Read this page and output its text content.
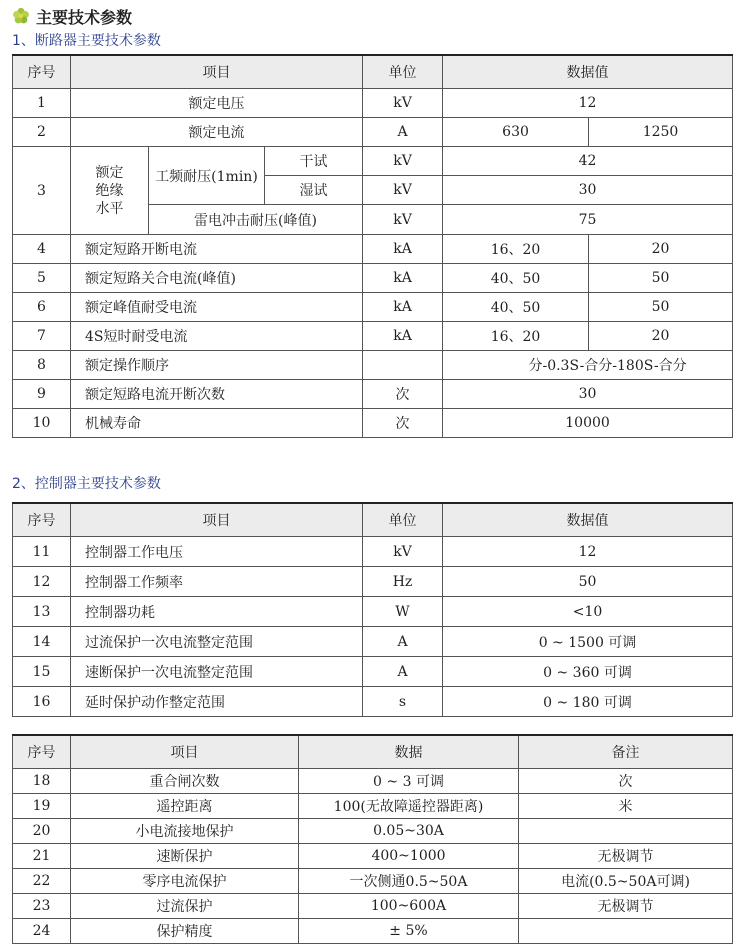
主要技术参数
1、断路器主要技术参数
序号	项目			单位	数据值	
1	额定电压			kV	12	
2	额定电流			A	630	1250
3	额定绝缘水平	工频耐压(1min)	干试	kV	42	
			湿试	kV	30	
		雷电冲击耐压(峰值)		kV	75	
4	额定短路开断电流			kA	16、20	20
5	额定短路关合电流(峰值)			kA	40、50	50
6	额定峰值耐受电流			kA	40、50	50
7	4S短时耐受电流			kA	16、20	20
8	额定操作顺序				分-0.3S-合分-180S-合分	
9	额定短路电流开断次数			次	30	
10	机械寿命			次	10000	
2、控制器主要技术参数
序号	项目	单位	数据值
11	控制器工作电压	kV	12
12	控制器工作频率	Hz	50
13	控制器功耗	W	<10
14	过流保护一次电流整定范围	A	0 ~ 1500 可调
15	速断保护一次电流整定范围	A	0 ~ 360 可调
16	延时保护动作整定范围	s	0 ~ 180 可调
序号	项目	数据	备注
18	重合闸次数	0 ~ 3 可调	次
19	遥控距离	100(无故障遥控器距离)	米
20	小电流接地保护	0.05~30A	
21	速断保护	400~1000	无极调节
22	零序电流保护	一次侧通0.5~50A	电流(0.5~50A可调)
23	过流保护	100~600A	无极调节
24	保护精度	± 5%	
